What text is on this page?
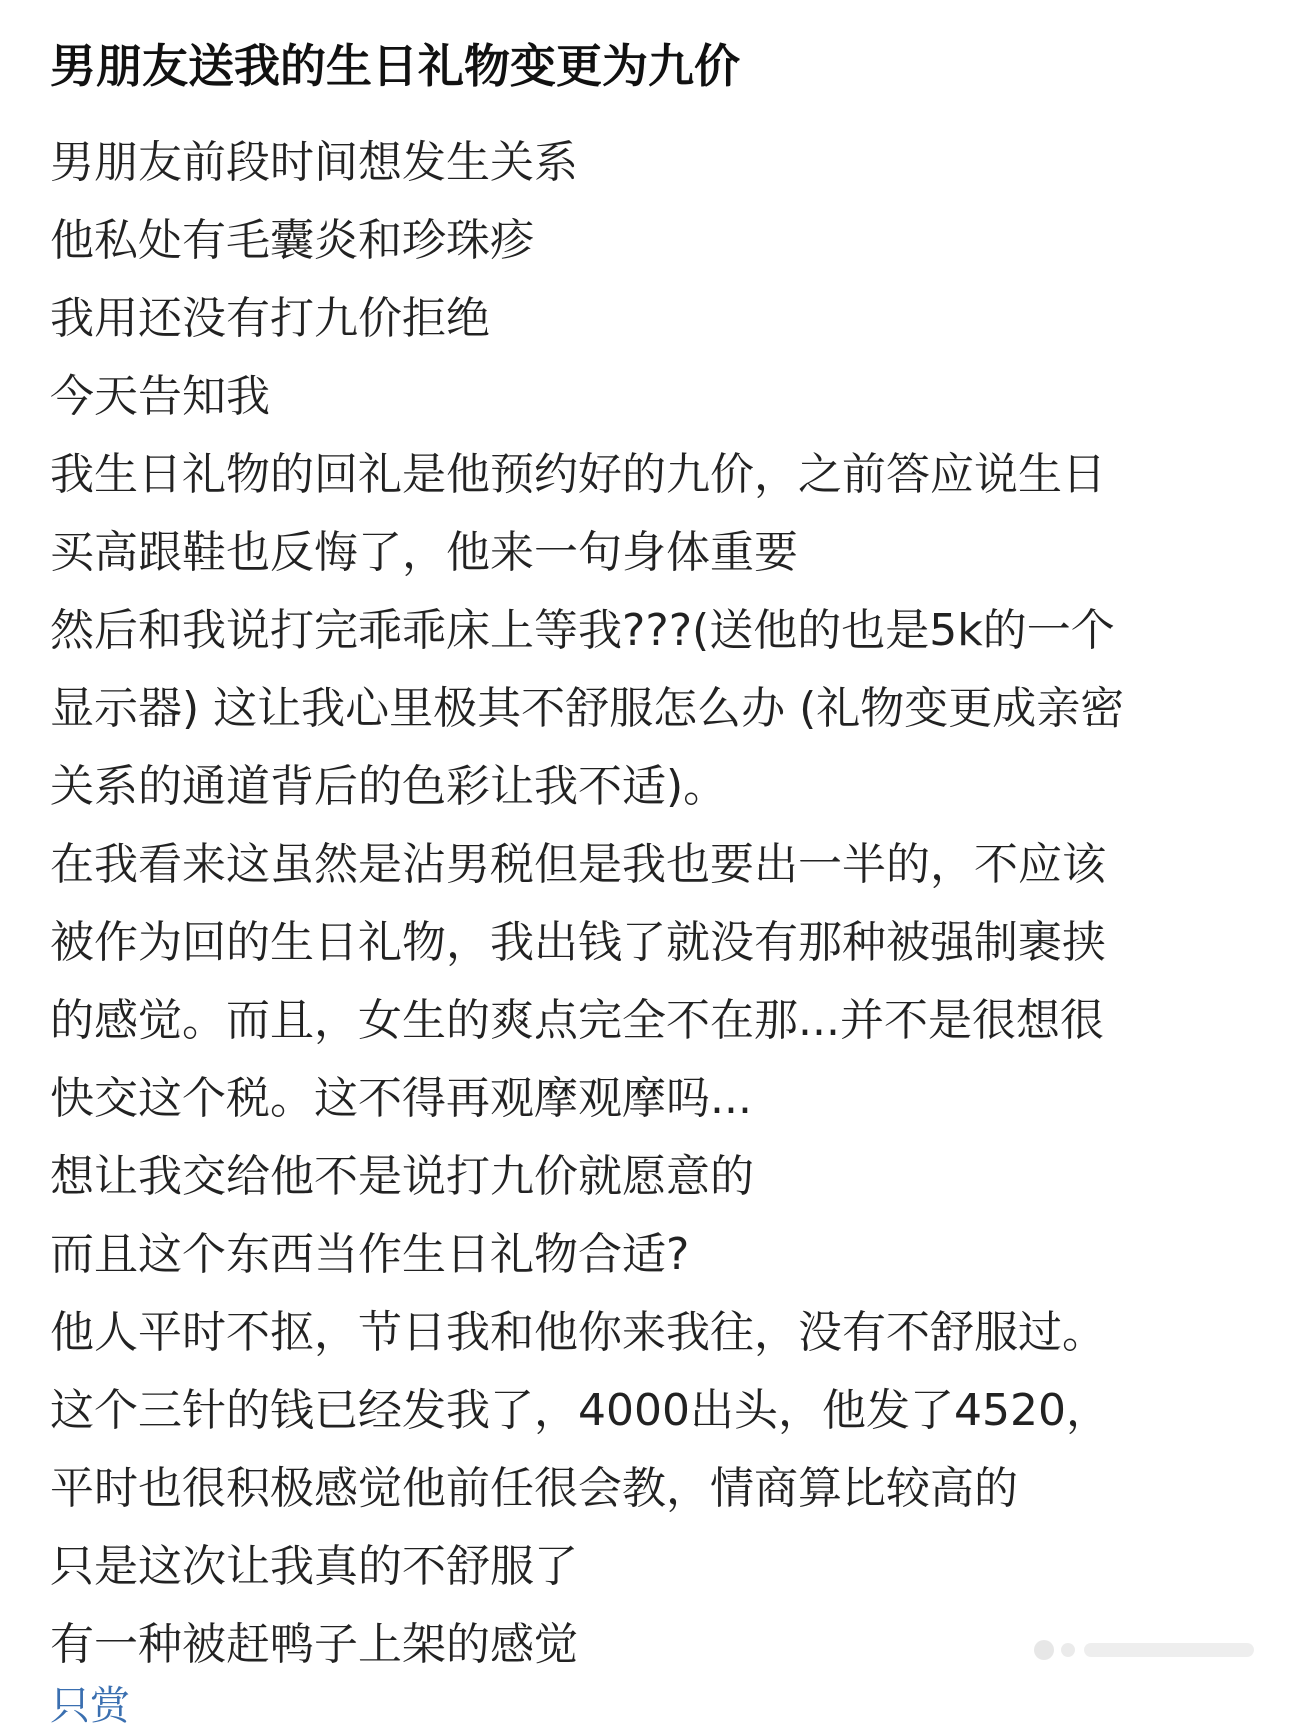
男朋友送我的生日礼物变更为九价
男朋友前段时间想发生关系
他私处有毛囊炎和珍珠疹
我用还没有打九价拒绝
今天告知我
我生日礼物的回礼是他预约好的九价，之前答应说生日
买高跟鞋也反悔了，他来一句身体重要
然后和我说打完乖乖床上等我???(送他的也是5k的一个
显示器) 这让我心里极其不舒服怎么办 (礼物变更成亲密
关系的通道背后的色彩让我不适)。
在我看来这虽然是沾男税但是我也要出一半的，不应该
被作为回的生日礼物，我出钱了就没有那种被强制裹挟
的感觉。而且，女生的爽点完全不在那...并不是很想很
快交这个税。这不得再观摩观摩吗...
想让我交给他不是说打九价就愿意的
而且这个东西当作生日礼物合适?
他人平时不抠，节日我和他你来我往，没有不舒服过。
这个三针的钱已经发我了，4000出头，他发了4520，
平时也很积极感觉他前任很会教，情商算比较高的
只是这次让我真的不舒服了
有一种被赶鸭子上架的感觉
只赏
